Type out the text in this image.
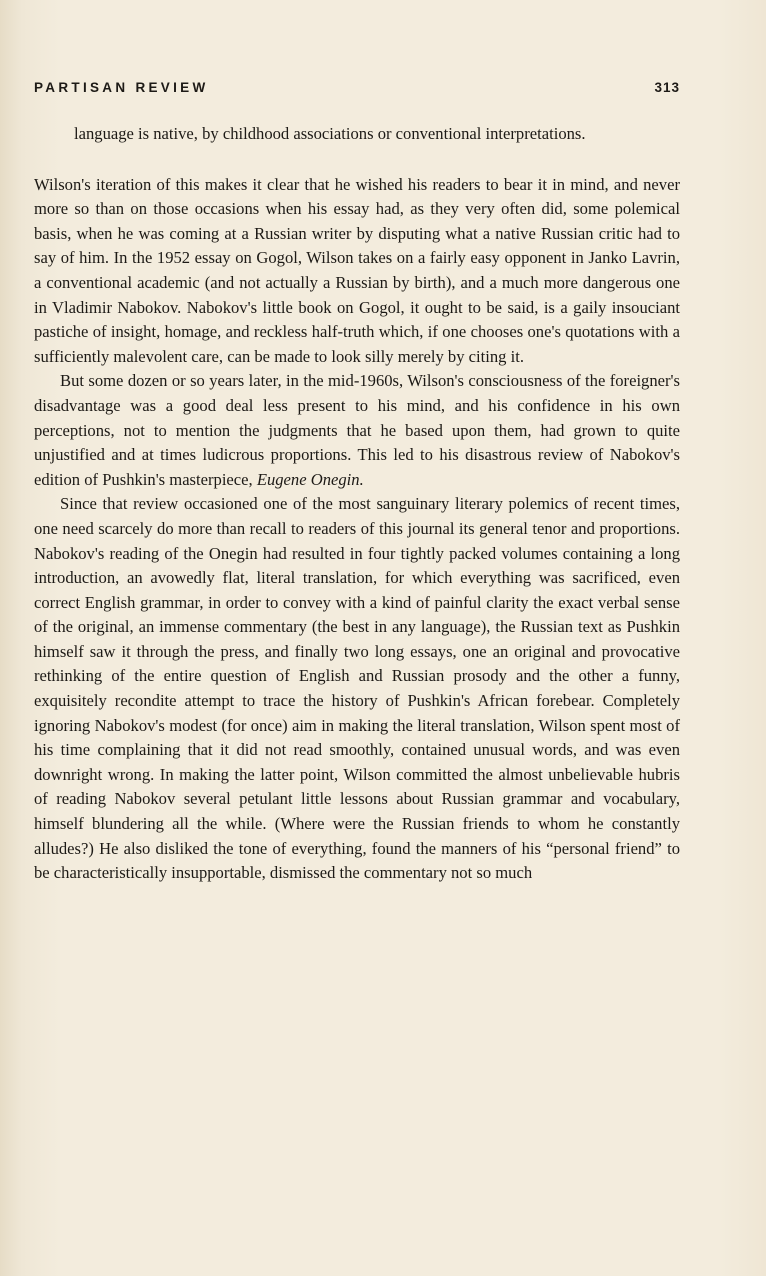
PARTISAN REVIEW	313

language is native, by childhood associations or conventional interpretations.

Wilson's iteration of this makes it clear that he wished his readers to bear it in mind, and never more so than on those occasions when his essay had, as they very often did, some polemical basis, when he was coming at a Russian writer by disputing what a native Russian critic had to say of him. In the 1952 essay on Gogol, Wilson takes on a fairly easy opponent in Janko Lavrin, a conventional academic (and not actually a Russian by birth), and a much more dangerous one in Vladimir Nabokov. Nabokov's little book on Gogol, it ought to be said, is a gaily insouciant pastiche of insight, homage, and reckless half-truth which, if one chooses one's quotations with a sufficiently malevolent care, can be made to look silly merely by citing it.

But some dozen or so years later, in the mid-1960s, Wilson's consciousness of the foreigner's disadvantage was a good deal less present to his mind, and his confidence in his own perceptions, not to mention the judgments that he based upon them, had grown to quite unjustified and at times ludicrous proportions. This led to his disastrous review of Nabokov's edition of Pushkin's masterpiece, Eugene Onegin.

Since that review occasioned one of the most sanguinary literary polemics of recent times, one need scarcely do more than recall to readers of this journal its general tenor and proportions. Nabokov's reading of the Onegin had resulted in four tightly packed volumes containing a long introduction, an avowedly flat, literal translation, for which everything was sacrificed, even correct English grammar, in order to convey with a kind of painful clarity the exact verbal sense of the original, an immense commentary (the best in any language), the Russian text as Pushkin himself saw it through the press, and finally two long essays, one an original and provocative rethinking of the entire question of English and Russian prosody and the other a funny, exquisitely recondite attempt to trace the history of Pushkin's African forebear. Completely ignoring Nabokov's modest (for once) aim in making the literal translation, Wilson spent most of his time complaining that it did not read smoothly, contained unusual words, and was even downright wrong. In making the latter point, Wilson committed the almost unbelievable hubris of reading Nabokov several petulant little lessons about Russian grammar and vocabulary, himself blundering all the while. (Where were the Russian friends to whom he constantly alludes?) He also disliked the tone of everything, found the manners of his “personal friend” to be characteristically insupportable, dismissed the commentary not so much
